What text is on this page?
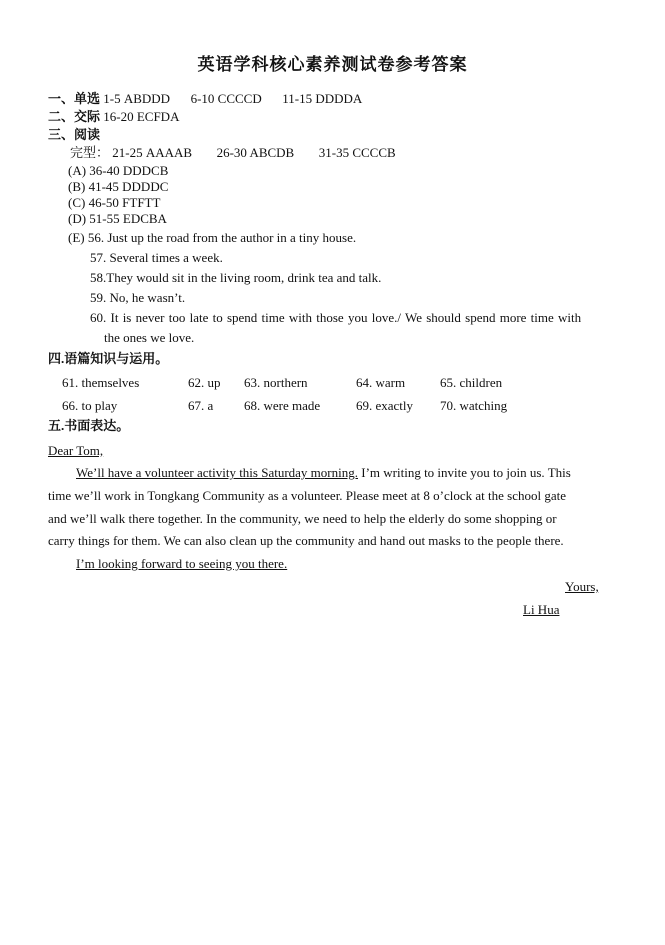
英语学科核心素养测试卷参考答案
一、单选 1-5 ABDDD 6-10 CCCCD 11-15 DDDDA
二、交际 16-20 ECFDA
三、阅读
完型： 21-25 AAAAB 26-30 ABCDB 31-35 CCCCB
(A) 36-40 DDDCB
(B) 41-45 DDDDC
(C) 46-50 FTFTT
(D) 51-55 EDCBA
(E) 56. Just up the road from the author in a tiny house.
57. Several times a week.
58.They would sit in the living room, drink tea and talk.
59. No, he wasn’t.
60. It is never too late to spend time with those you love./ We should spend more time with
the ones we love.
四.语篇知识与运用。
61. themselves	62. up 63. northern	64. warm	65. children
66. to play	67. a 68. were made	69. exactly 70. watching
五.书面表达。
Dear Tom,
We’ll have a volunteer activity this Saturday morning. I’m writing to invite you to join us. This
time we’ll work in Tongkang Community as a volunteer. Please meet at 8 o’clock at the school gate
and we’ll walk there together. In the community, we need to help the elderly do some shopping or
carry things for them. We can also clean up the community and hand out masks to the people there.
I’m looking forward to seeing you there.
Yours,
Li Hua
